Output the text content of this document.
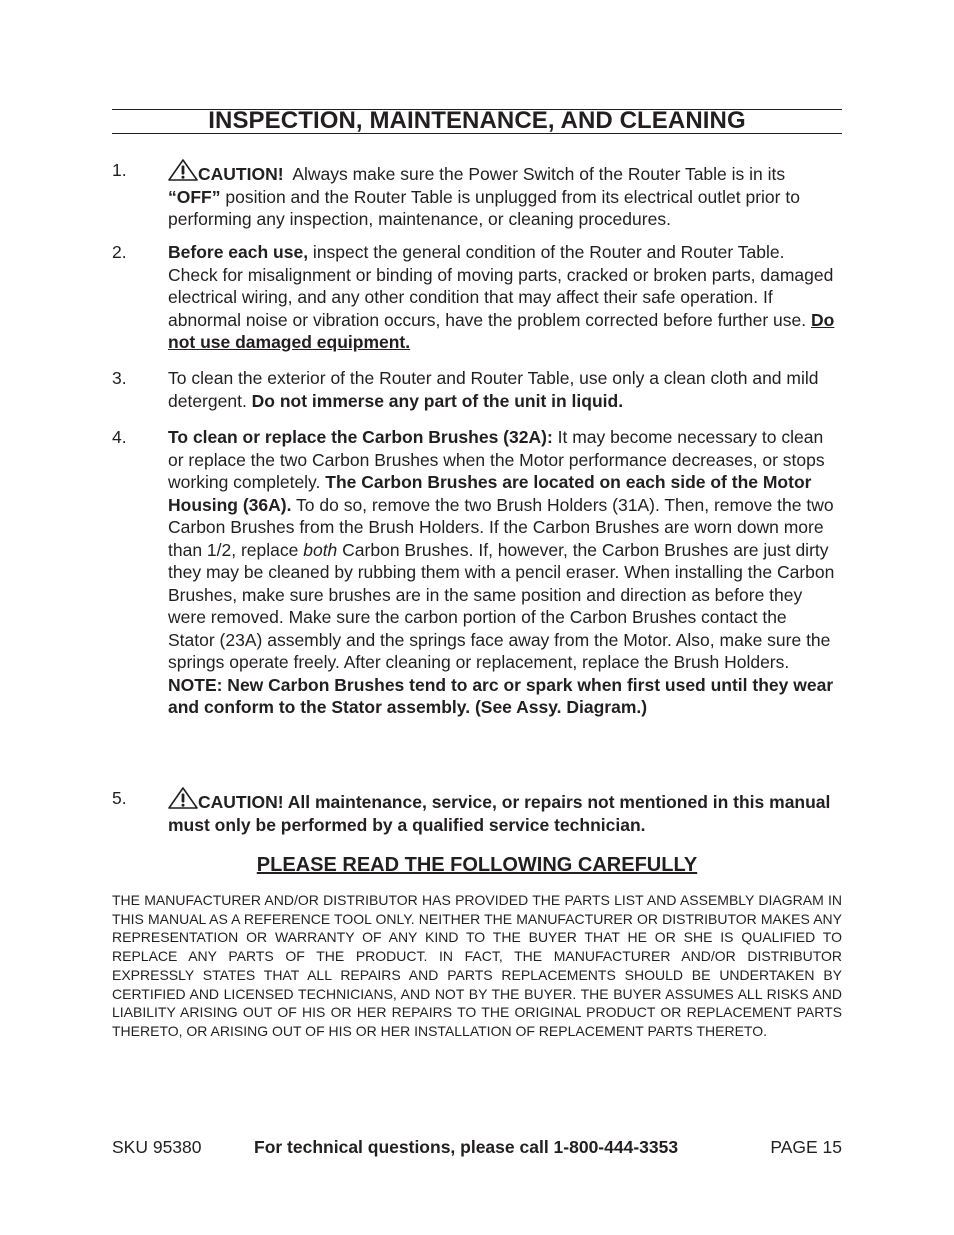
INSPECTION, MAINTENANCE, AND CLEANING
1.	CAUTION! Always make sure the Power Switch of the Router Table is in its “OFF” position and the Router Table is unplugged from its electrical outlet prior to performing any inspection, maintenance, or cleaning procedures.
2. Before each use, inspect the general condition of the Router and Router Table. Check for misalignment or binding of moving parts, cracked or broken parts, damaged electrical wiring, and any other condition that may affect their safe operation. If abnormal noise or vibration occurs, have the problem corrected before further use. Do not use damaged equipment.
3. To clean the exterior of the Router and Router Table, use only a clean cloth and mild detergent. Do not immerse any part of the unit in liquid.
4. To clean or replace the Carbon Brushes (32A): It may become necessary to clean or replace the two Carbon Brushes when the Motor performance decreases, or stops working completely. The Carbon Brushes are located on each side of the Motor Housing (36A). To do so, remove the two Brush Holders (31A). Then, remove the two Carbon Brushes from the Brush Holders. If the Carbon Brushes are worn down more than 1/2, replace both Carbon Brushes. If, however, the Carbon Brushes are just dirty they may be cleaned by rubbing them with a pencil eraser. When installing the Carbon Brushes, make sure brushes are in the same position and direction as before they were removed. Make sure the carbon portion of the Carbon Brushes contact the Stator (23A) assembly and the springs face away from the Motor. Also, make sure the springs operate freely. After cleaning or replacement, replace the Brush Holders.
NOTE: New Carbon Brushes tend to arc or spark when first used until they wear and conform to the Stator assembly. (See Assy. Diagram.)
5.	CAUTION! All maintenance, service, or repairs not mentioned in this manual must only be performed by a qualified service technician.
PLEASE READ THE FOLLOWING CAREFULLY
THE MANUFACTURER AND/OR DISTRIBUTOR HAS PROVIDED THE PARTS LIST AND ASSEMBLY DIAGRAM IN THIS MANUAL AS A REFERENCE TOOL ONLY. NEITHER THE MANUFACTURER OR DISTRIBUTOR MAKES ANY REPRESENTATION OR WARRANTY OF ANY KIND TO THE BUYER THAT HE OR SHE IS QUALIFIED TO REPLACE ANY PARTS OF THE PRODUCT. IN FACT, THE MANUFACTURER AND/OR DISTRIBUTOR EXPRESSLY STATES THAT ALL REPAIRS AND PARTS REPLACEMENTS SHOULD BE UNDERTAKEN BY CERTIFIED AND LICENSED TECHNICIANS, AND NOT BY THE BUYER. THE BUYER ASSUMES ALL RISKS AND LIABILITY ARISING OUT OF HIS OR HER REPAIRS TO THE ORIGINAL PRODUCT OR REPLACEMENT PARTS THERETO, OR ARISING OUT OF HIS OR HER INSTALLATION OF REPLACEMENT PARTS THERETO.
SKU 95380	For technical questions, please call 1-800-444-3353	PAGE 15
